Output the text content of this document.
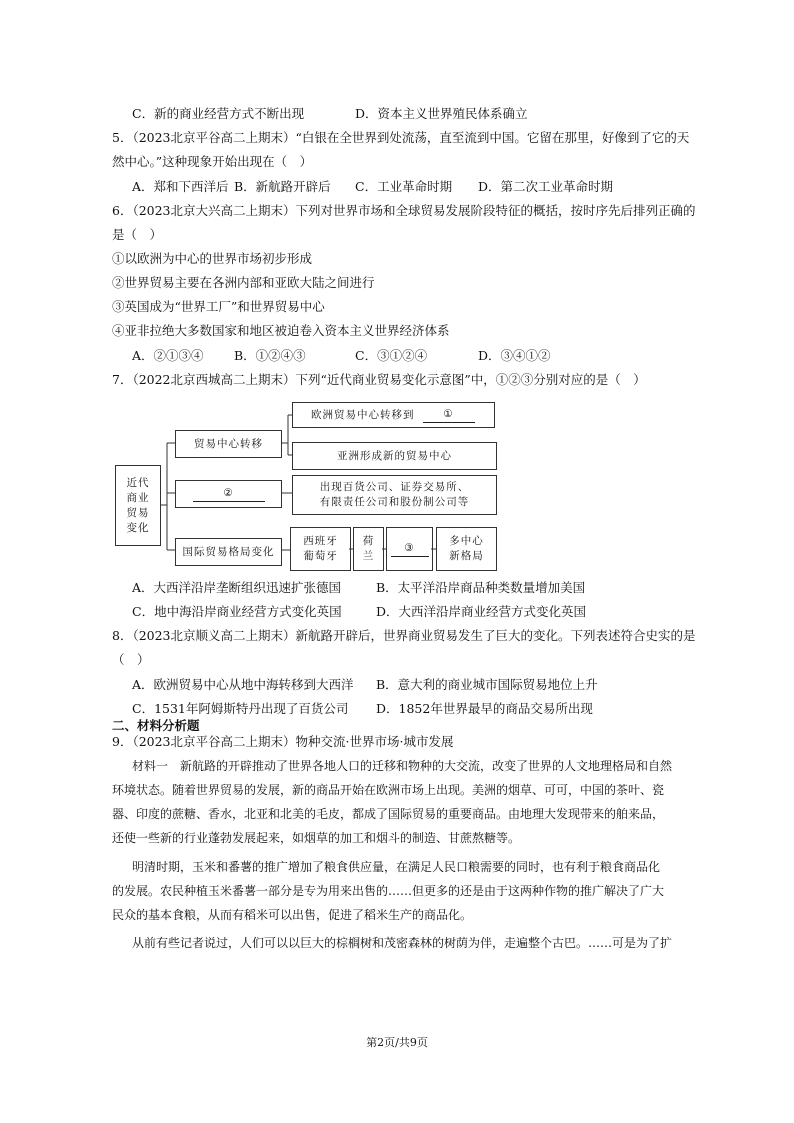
C．新的商业经营方式不断出现	D．资本主义世界殖民体系确立
5．（2023北京平谷高二上期末）“白银在全世界到处流荡，直至流到中国。它留在那里，好像到了它的天
然中心。”这种现象开始出现在（　）
A．郑和下西洋后 B．新航路开辟后 C．工业革命时期 D．第二次工业革命时期
6．（2023北京大兴高二上期末）下列对世界市场和全球贸易发展阶段特征的概括，按时序先后排列正确的
是（　）
①以欧洲为中心的世界市场初步形成
②世界贸易主要在各洲内部和亚欧大陆之间进行
③英国成为“世界工厂”和世界贸易中心
④亚非拉绝大多数国家和地区被迫卷入资本主义世界经济体系
A．②①③④ B．①②④③	C．③①②④	D．③④①②
7．（2022北京西城高二上期末）下列“近代商业贸易变化示意图”中，①②③分别对应的是（　）
近代
商业
贸易
变化
贸易中心转移
欧洲贸易中心转移到	①
亚洲形成新的贸易中心
②	出现百货公司、证券交易所、
有限责任公司和股份制公司等
国际贸易格局变化
西班牙
葡萄牙
荷
兰
③
多中心
新格局
A．大西洋沿岸垄断组织迅速扩张德国	B．太平洋沿岸商品种类数量增加美国
C．地中海沿岸商业经营方式变化英国	D．大西洋沿岸商业经营方式变化英国
8．（2023北京顺义高二上期末）新航路开辟后，世界商业贸易发生了巨大的变化。下列表述符合史实的是
（　）
A．欧洲贸易中心从地中海转移到大西洋 B．意大利的商业城市国际贸易地位上升
C．1531年阿姆斯特丹出现了百货公司 D．1852年世界最早的商品交易所出现
二、材料分析题
9．（2023北京平谷高二上期末）物种交流·世界市场·城市发展
材料一　新航路的开辟推动了世界各地人口的迁移和物种的大交流，改变了世界的人文地理格局和自然
环境状态。随着世界贸易的发展，新的商品开始在欧洲市场上出现。美洲的烟草、可可，中国的茶叶、瓷
器、印度的蔗糖、香水，北亚和北美的毛皮，都成了国际贸易的重要商品。由地理大发现带来的舶来品，
还使一些新的行业蓬勃发展起来，如烟草的加工和烟斗的制造、甘蔗熬糖等。
明清时期，玉米和番薯的推广增加了粮食供应量，在满足人民口粮需要的同时，也有利于粮食商品化
的发展。农民种植玉米番薯一部分是专为用来出售的……但更多的还是由于这两种作物的推广解决了广大
民众的基本食粮，从而有稻米可以出售，促进了稻米生产的商品化。
从前有些记者说过，人们可以以巨大的棕榈树和茂密森林的树荫为伴，走遍整个古巴。……可是为了扩
第2页/共9页
